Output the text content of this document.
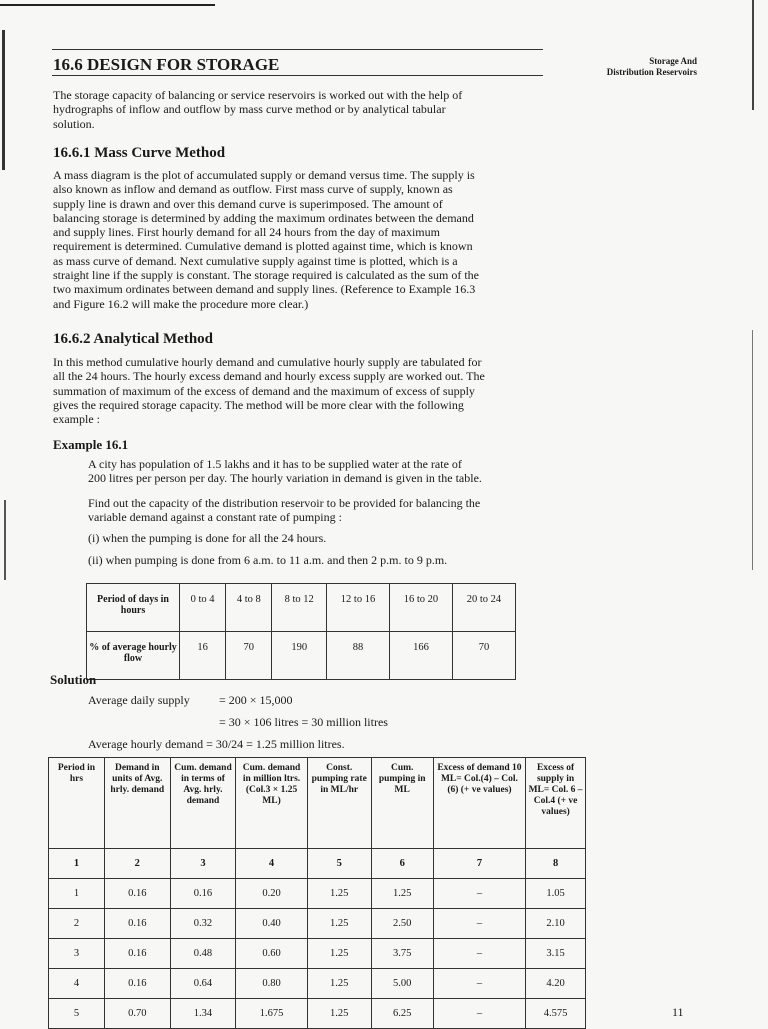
Storage And
Distribution Reservoirs
16.6 DESIGN FOR STORAGE
The storage capacity of balancing or service reservoirs is worked out with the help of
hydrographs of inflow and outflow by mass curve method or by analytical tabular
solution.
16.6.1 Mass Curve Method
A mass diagram is the plot of accumulated supply or demand versus time. The supply is
also known as inflow and demand as outflow. First mass curve of supply, known as
supply line is drawn and over this demand curve is superimposed. The amount of
balancing storage is determined by adding the maximum ordinates between the demand
and supply lines. First hourly demand for all 24 hours from the day of maximum
requirement is determined. Cumulative demand is plotted against time, which is known
as mass curve of demand. Next cumulative supply against time is plotted, which is a
straight line if the supply is constant. The storage required is calculated as the sum of the
two maximum ordinates between demand and supply lines. (Reference to Example 16.3
and Figure 16.2 will make the procedure more clear.)
16.6.2 Analytical Method
In this method cumulative hourly demand and cumulative hourly supply are tabulated for
all the 24 hours. The hourly excess demand and hourly excess supply are worked out. The
summation of maximum of the excess of demand and the maximum of excess of supply
gives the required storage capacity. The method will be more clear with the following
example :
Example 16.1
A city has population of 1.5 lakhs and it has to be supplied water at the rate of
200 litres per person per day. The hourly variation in demand is given in the table.
Find out the capacity of the distribution reservoir to be provided for balancing the
variable demand against a constant rate of pumping :
(i) when the pumping is done for all the 24 hours.
(ii) when pumping is done from 6 a.m. to 11 a.m. and then 2 p.m. to 9 p.m.
Period of days in hours	0 to 4	4 to 8	8 to 12	12 to 16	16 to 20	20 to 24
% of average hourly flow	16	70	190	88	166	70
Solution
Average daily supply = 200 × 15,000
= 30 × 106 litres = 30 million litres
Average hourly demand = 30/24 = 1.25 million litres.
Period in hrs	Demand in units of Avg. hrly. demand	Cum. demand in terms of Avg. hrly. demand	Cum. demand in million ltrs. (Col.3 × 1.25 ML)	Const. pumping rate in ML/hr	Cum. pumping in ML	Excess of demand 10 ML= Col.(4) – Col.(6) (+ ve values)	Excess of supply in ML= Col. 6 – Col.4 (+ ve values)
1	2	3	4	5	6	7	8
1	0.16	0.16	0.20	1.25	1.25	–	1.05
2	0.16	0.32	0.40	1.25	2.50	–	2.10
3	0.16	0.48	0.60	1.25	3.75	–	3.15
4	0.16	0.64	0.80	1.25	5.00	–	4.20
5	0.70	1.34	1.675	1.25	6.25	–	4.575	11
